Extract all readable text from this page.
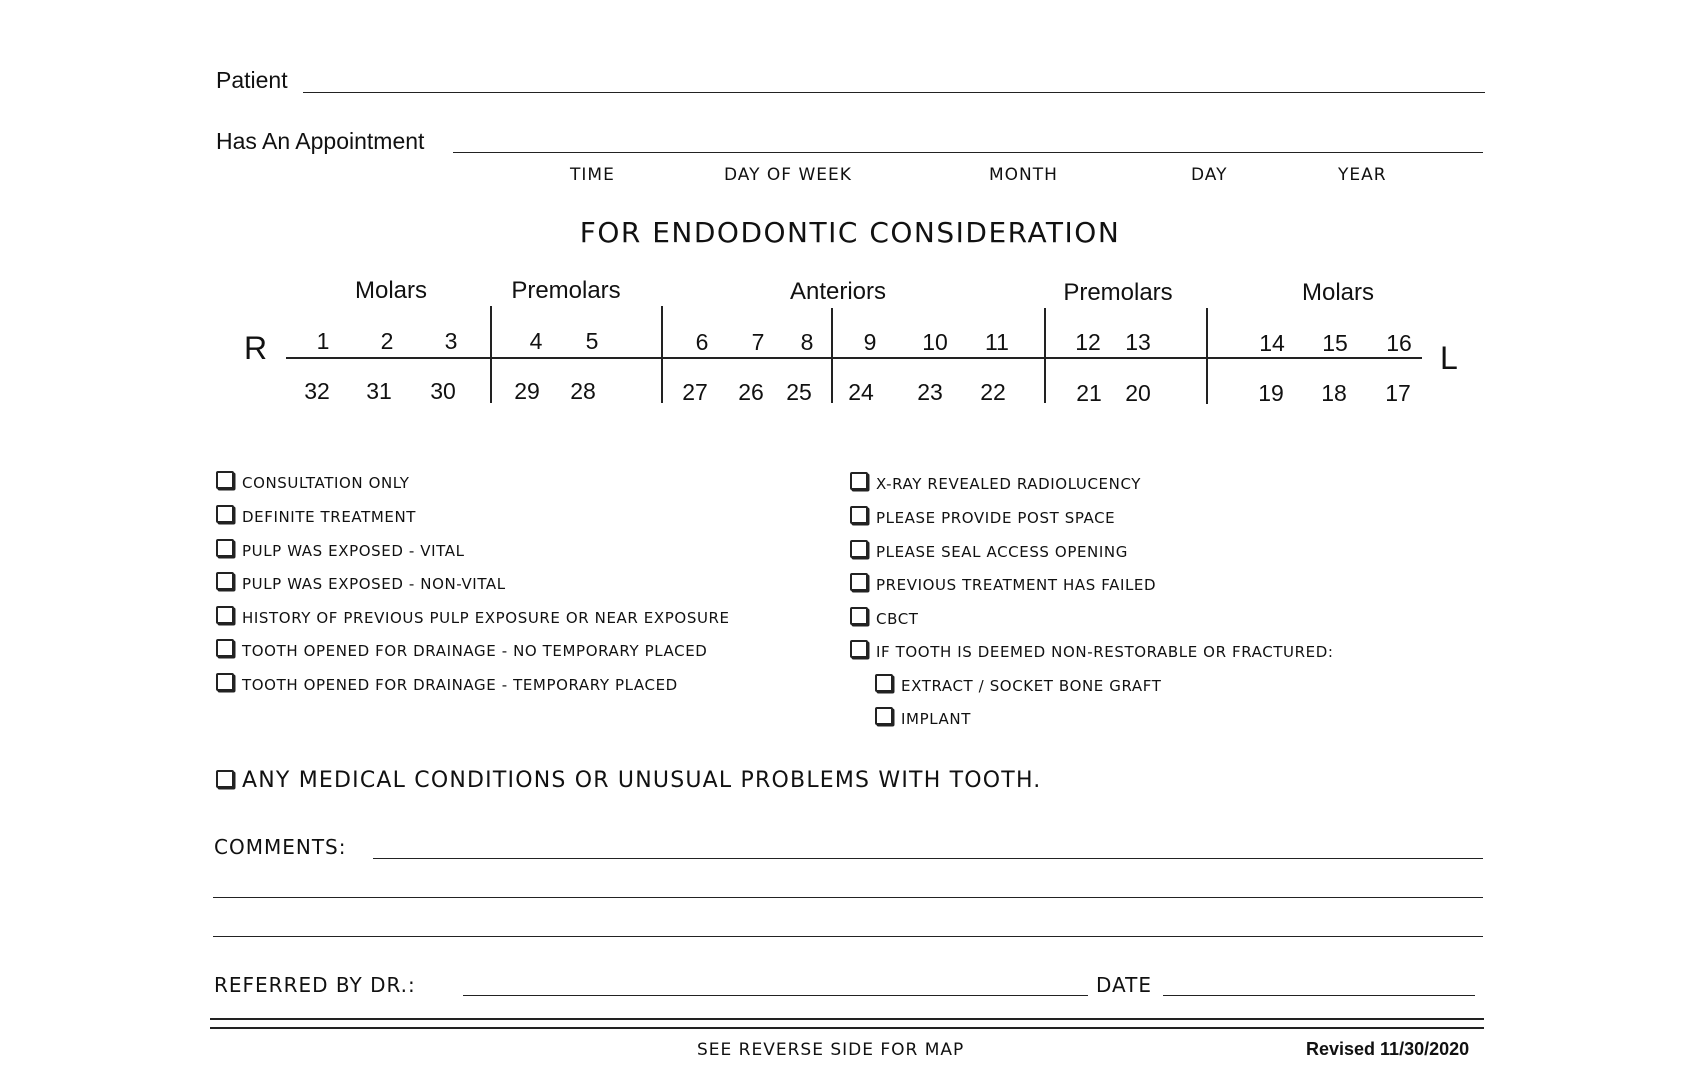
Patient
Has An Appointment
TIME	DAY OF WEEK	MONTH	DAY	YEAR
FOR ENDODONTIC CONSIDERATION
Molars	Premolars	Anteriors	Premolars	Molars
R	L
1	2	3	4	5	6	7	8	9	10	11	12	13	14	15	16
32	31	30	29	28	27	26 25	24	23	22	21	20	19	18	17
CONSULTATION ONLY
DEFINITE TREATMENT
PULP WAS EXPOSED - VITAL
PULP WAS EXPOSED - NON-VITAL
HISTORY OF PREVIOUS PULP EXPOSURE OR NEAR EXPOSURE
TOOTH OPENED FOR DRAINAGE - NO TEMPORARY PLACED
TOOTH OPENED FOR DRAINAGE - TEMPORARY PLACED
X-RAY REVEALED RADIOLUCENCY
PLEASE PROVIDE POST SPACE
PLEASE SEAL ACCESS OPENING
PREVIOUS TREATMENT HAS FAILED
CBCT
IF TOOTH IS DEEMED NON-RESTORABLE OR FRACTURED:
EXTRACT / SOCKET BONE GRAFT
IMPLANT
ANY MEDICAL CONDITIONS OR UNUSUAL PROBLEMS WITH TOOTH.
COMMENTS:
REFERRED BY DR.:	DATE
SEE REVERSE SIDE FOR MAP	Revised 11/30/2020
